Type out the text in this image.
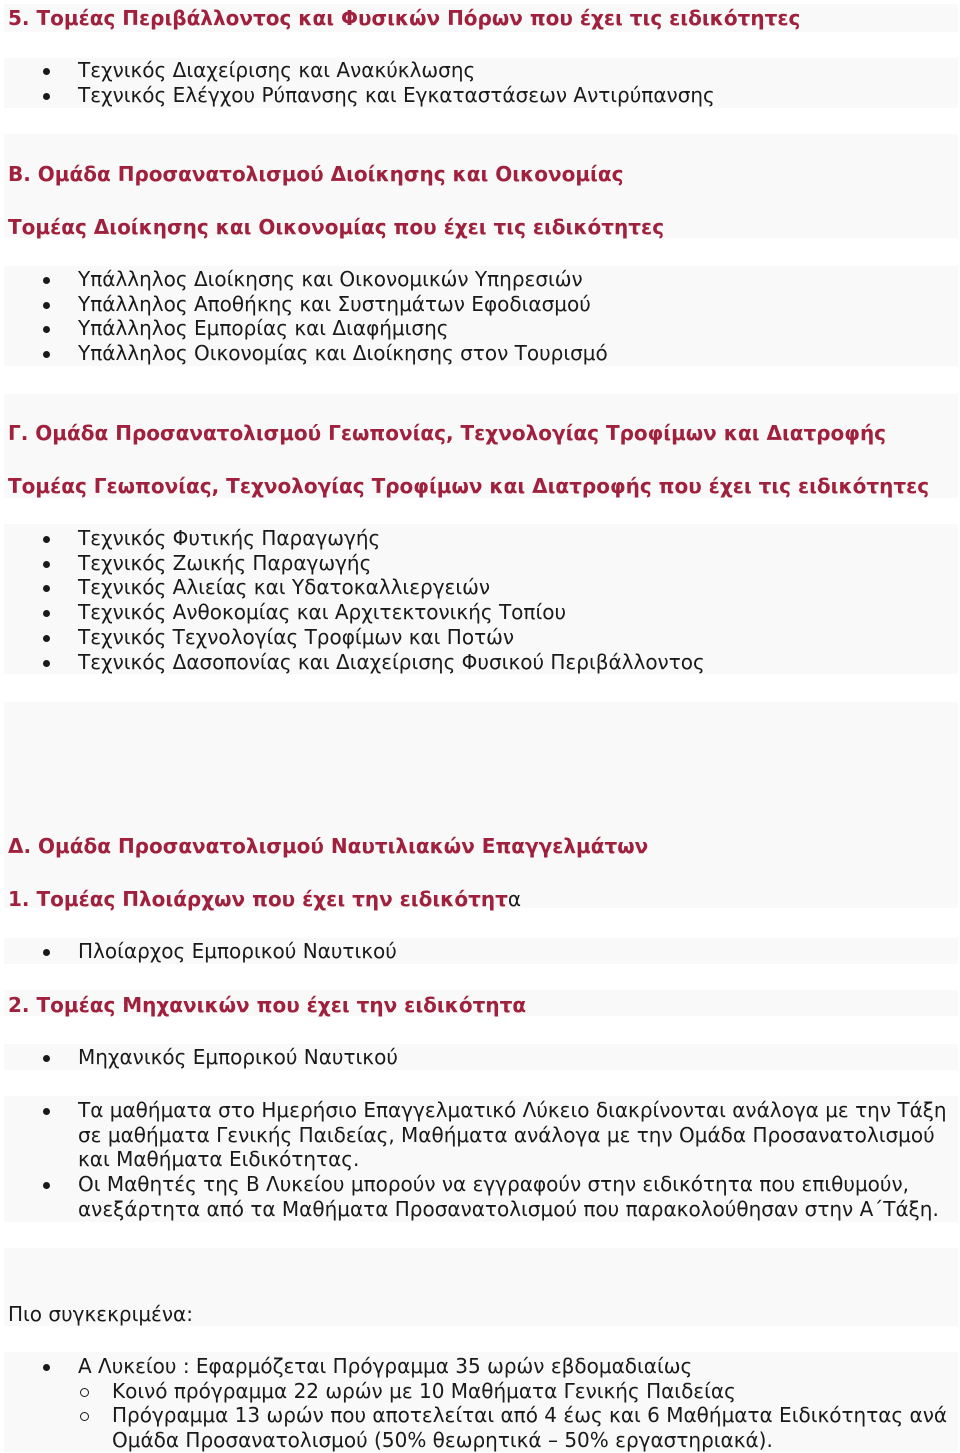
5. Τομέας Περιβάλλοντος και Φυσικών Πόρων που έχει τις ειδικότητες
Τεχνικός Διαχείρισης και Ανακύκλωσης
Τεχνικός Ελέγχου Ρύπανσης και Εγκαταστάσεων Αντιρύπανσης
Β. Ομάδα Προσανατολισμού Διοίκησης και Οικονομίας
Τομέας Διοίκησης και Οικονομίας που έχει τις ειδικότητες
Υπάλληλος Διοίκησης και Οικονομικών Υπηρεσιών
Υπάλληλος Αποθήκης και Συστημάτων Εφοδιασμού
Υπάλληλος Εμπορίας και Διαφήμισης
Υπάλληλος Οικονομίας και Διοίκησης στον Τουρισμό
Γ. Ομάδα Προσανατολισμού Γεωπονίας, Τεχνολογίας Τροφίμων και Διατροφής
Τομέας Γεωπονίας, Τεχνολογίας Τροφίμων και Διατροφής που έχει τις ειδικότητες
Τεχνικός Φυτικής Παραγωγής
Τεχνικός Ζωικής Παραγωγής
Τεχνικός Αλιείας και Υδατοκαλλιεργειών
Τεχνικός Ανθοκομίας και Αρχιτεκτονικής Τοπίου
Τεχνικός Τεχνολογίας Τροφίμων και Ποτών
Τεχνικός Δασοπονίας και Διαχείρισης Φυσικού Περιβάλλοντος
Δ. Ομάδα Προσανατολισμού Ναυτιλιακών Επαγγελμάτων
1. Τομέας Πλοιάρχων που έχει την ειδικότητα
Πλοίαρχος Εμπορικού Ναυτικού
2. Τομέας Μηχανικών που έχει την ειδικότητα
Μηχανικός Εμπορικού Ναυτικού
Τα μαθήματα στο Ημερήσιο Επαγγελματικό Λύκειο διακρίνονται ανάλογα με την Τάξη σε μαθήματα Γενικής Παιδείας, Μαθήματα ανάλογα με την Ομάδα Προσανατολισμού και Μαθήματα Ειδικότητας.
Οι Μαθητές της Β Λυκείου μπορούν να εγγραφούν στην ειδικότητα που επιθυμούν, ανεξάρτητα από τα Μαθήματα Προσανατολισμού που παρακολούθησαν στην Α΄Τάξη.
Πιο συγκεκριμένα:
Α Λυκείου : Εφαρμόζεται Πρόγραμμα 35 ωρών εβδομαδιαίως
Κοινό πρόγραμμα 22 ωρών με 10 Μαθήματα Γενικής Παιδείας
Πρόγραμμα 13 ωρών που αποτελείται από 4 έως και 6 Μαθήματα Ειδικότητας ανά Ομάδα Προσανατολισμού (50% θεωρητικά – 50% εργαστηριακά).
